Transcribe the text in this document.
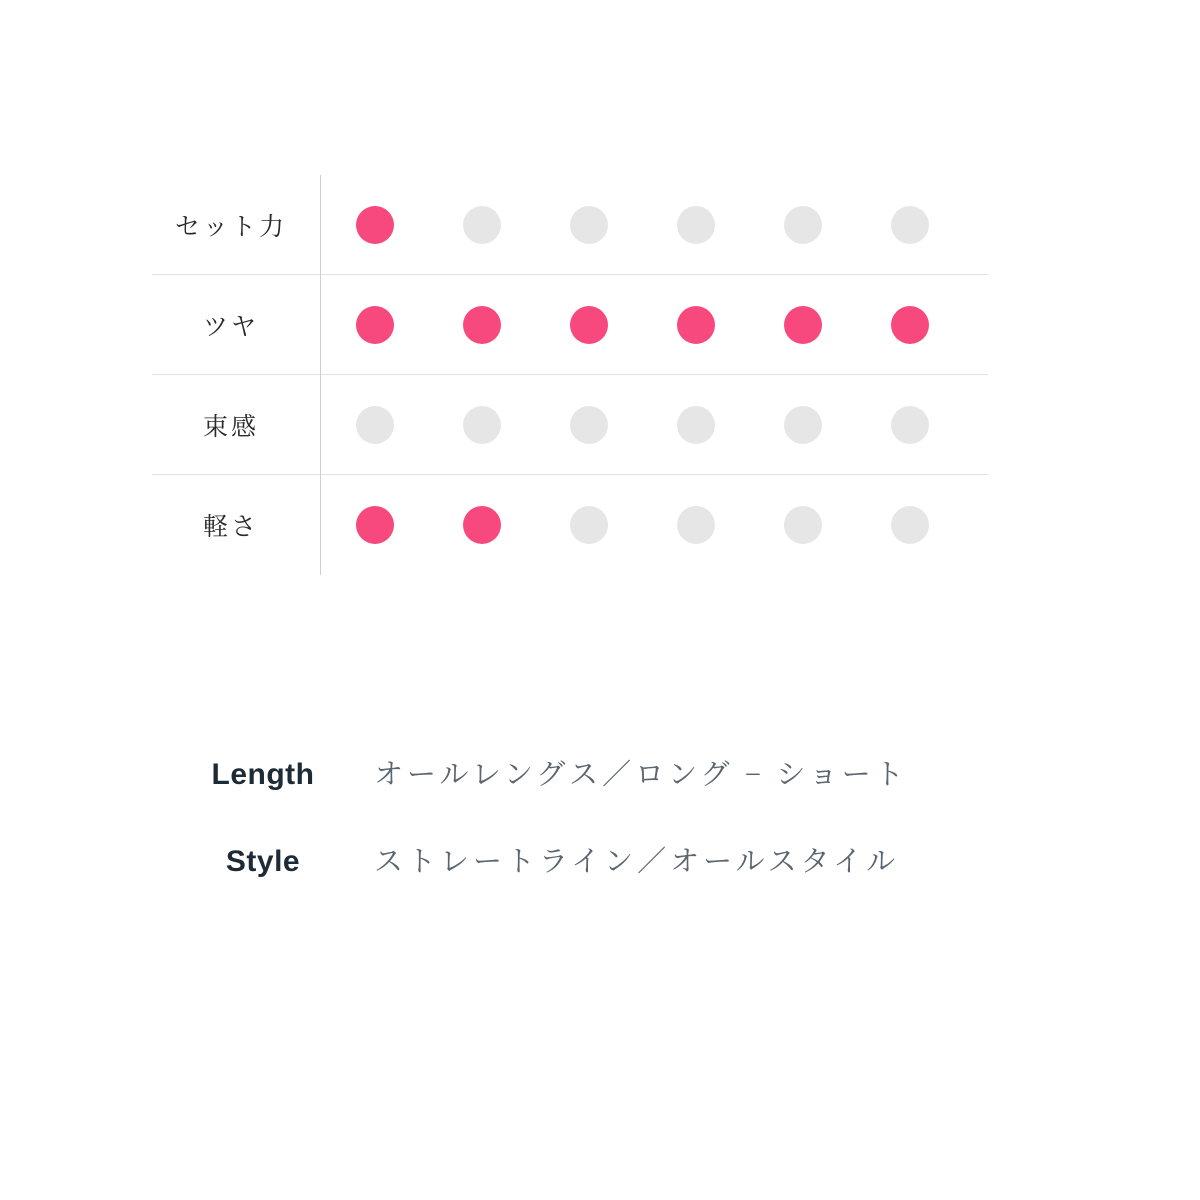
セット力
ツヤ
束感
軽さ
Length	オールレングス／ロング − ショート
Style	ストレートライン／オールスタイル
